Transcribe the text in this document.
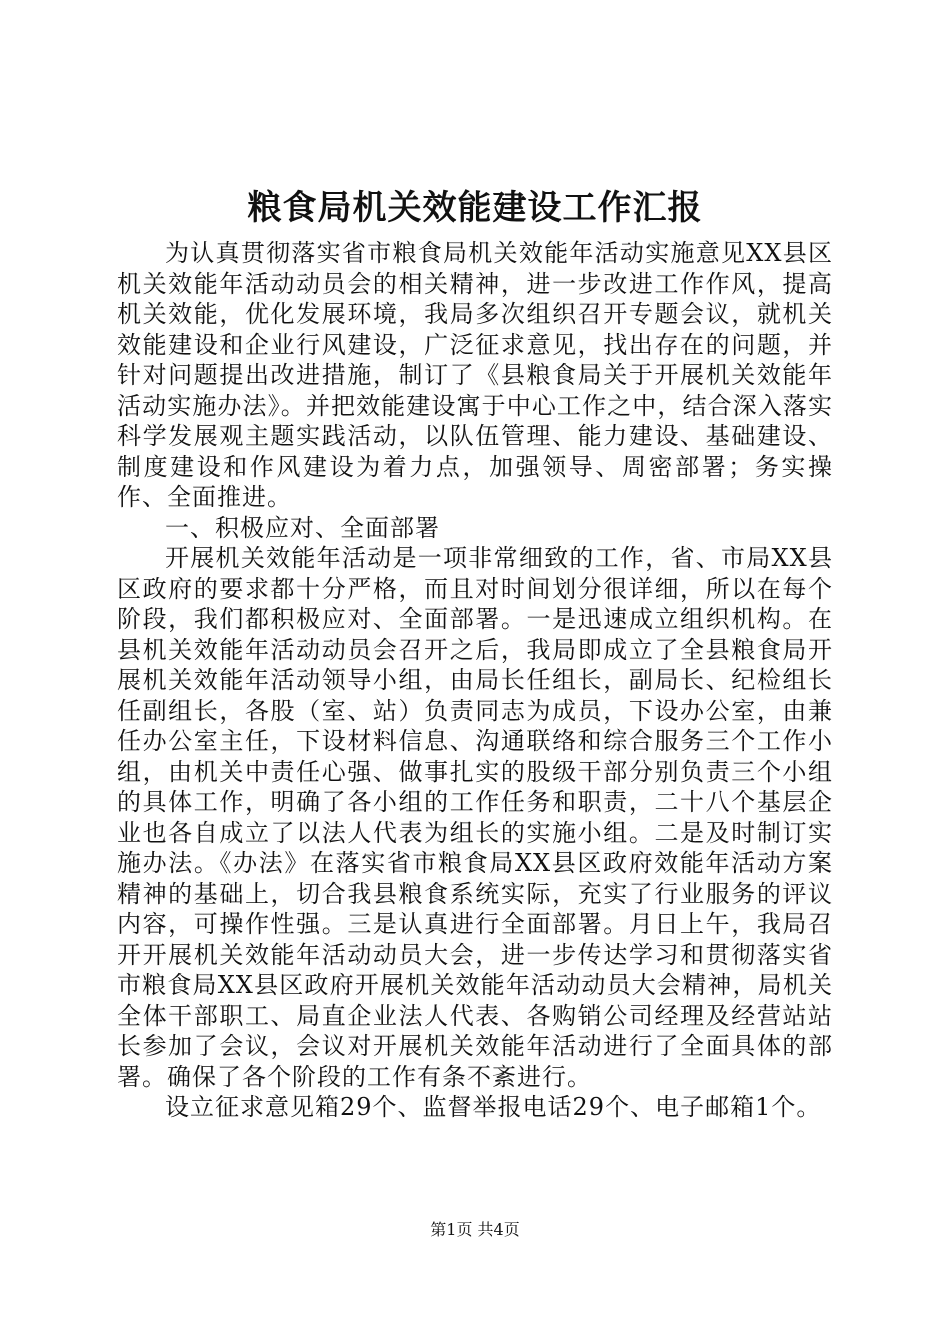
粮食局机关效能建设工作汇报

为认真贯彻落实省市粮食局机关效能年活动实施意见XX县区机关效能年活动动员会的相关精神，进一步改进工作作风，提高机关效能，优化发展环境，我局多次组织召开专题会议，就机关效能建设和企业行风建设，广泛征求意见，找出存在的问题，并针对问题提出改进措施，制订了《县粮食局关于开展机关效能年活动实施办法》。并把效能建设寓于中心工作之中，结合深入落实科学发展观主题实践活动，以队伍管理、能力建设、基础建设、制度建设和作风建设为着力点，加强领导、周密部署；务实操作、全面推进。

一、积极应对、全面部署

开展机关效能年活动是一项非常细致的工作，省、市局XX县区政府的要求都十分严格，而且对时间划分很详细，所以在每个阶段，我们都积极应对、全面部署。一是迅速成立组织机构。在县机关效能年活动动员会召开之后，我局即成立了全县粮食局开展机关效能年活动领导小组，由局长任组长，副局长、纪检组长任副组长，各股（室、站）负责同志为成员，下设办公室，由兼任办公室主任，下设材料信息、沟通联络和综合服务三个工作小组，由机关中责任心强、做事扎实的股级干部分别负责三个小组的具体工作，明确了各小组的工作任务和职责，二十八个基层企业也各自成立了以法人代表为组长的实施小组。二是及时制订实施办法。《办法》在落实省市粮食局XX县区政府效能年活动方案精神的基础上，切合我县粮食系统实际，充实了行业服务的评议内容，可操作性强。三是认真进行全面部署。月日上午，我局召开开展机关效能年活动动员大会，进一步传达学习和贯彻落实省市粮食局XX县区政府开展机关效能年活动动员大会精神，局机关全体干部职工、局直企业法人代表、各购销公司经理及经营站站长参加了会议，会议对开展机关效能年活动进行了全面具体的部署。确保了各个阶段的工作有条不紊进行。

设立征求意见箱29个、监督举报电话29个、电子邮箱1个。

第1页 共4页
